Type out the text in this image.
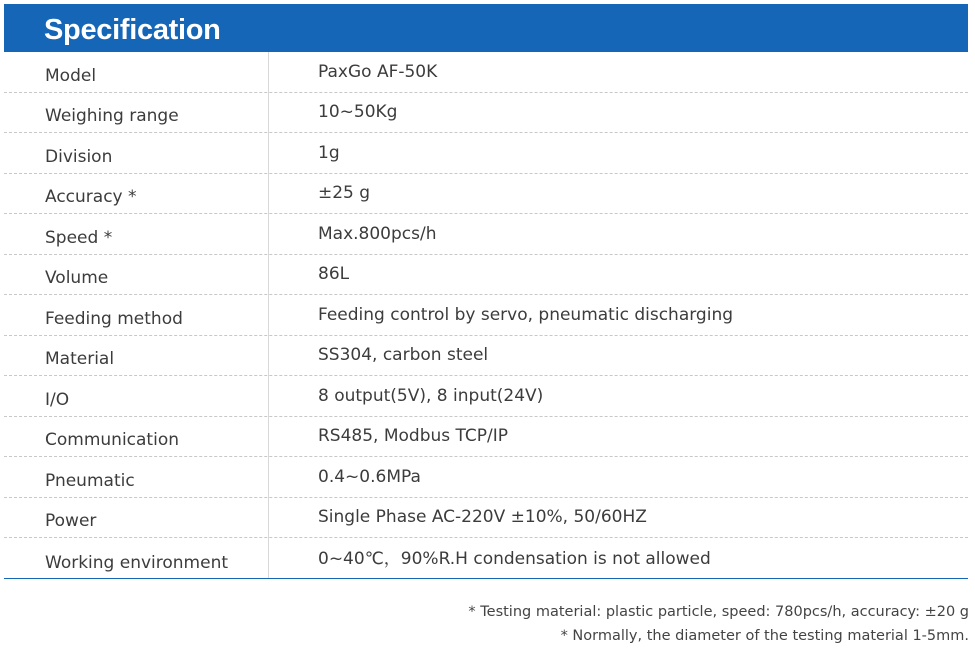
Specification
Model	PaxGo AF-50K
Weighing range	10~50Kg
Division	1g
Accuracy *	±25 g
Speed *	Max.800pcs/h
Volume	86L
Feeding method	Feeding control by servo, pneumatic discharging
Material	SS304, carbon steel
I/O	8 output(5V), 8 input(24V)
Communication	RS485, Modbus TCP/IP
Pneumatic	0.4~0.6MPa
Power	Single Phase AC-220V ±10%, 50/60HZ
Working environment	0~40℃，90%R.H condensation is not allowed
* Testing material: plastic particle, speed: 780pcs/h, accuracy: ±20 g
* Normally, the diameter of the testing material 1-5mm.
